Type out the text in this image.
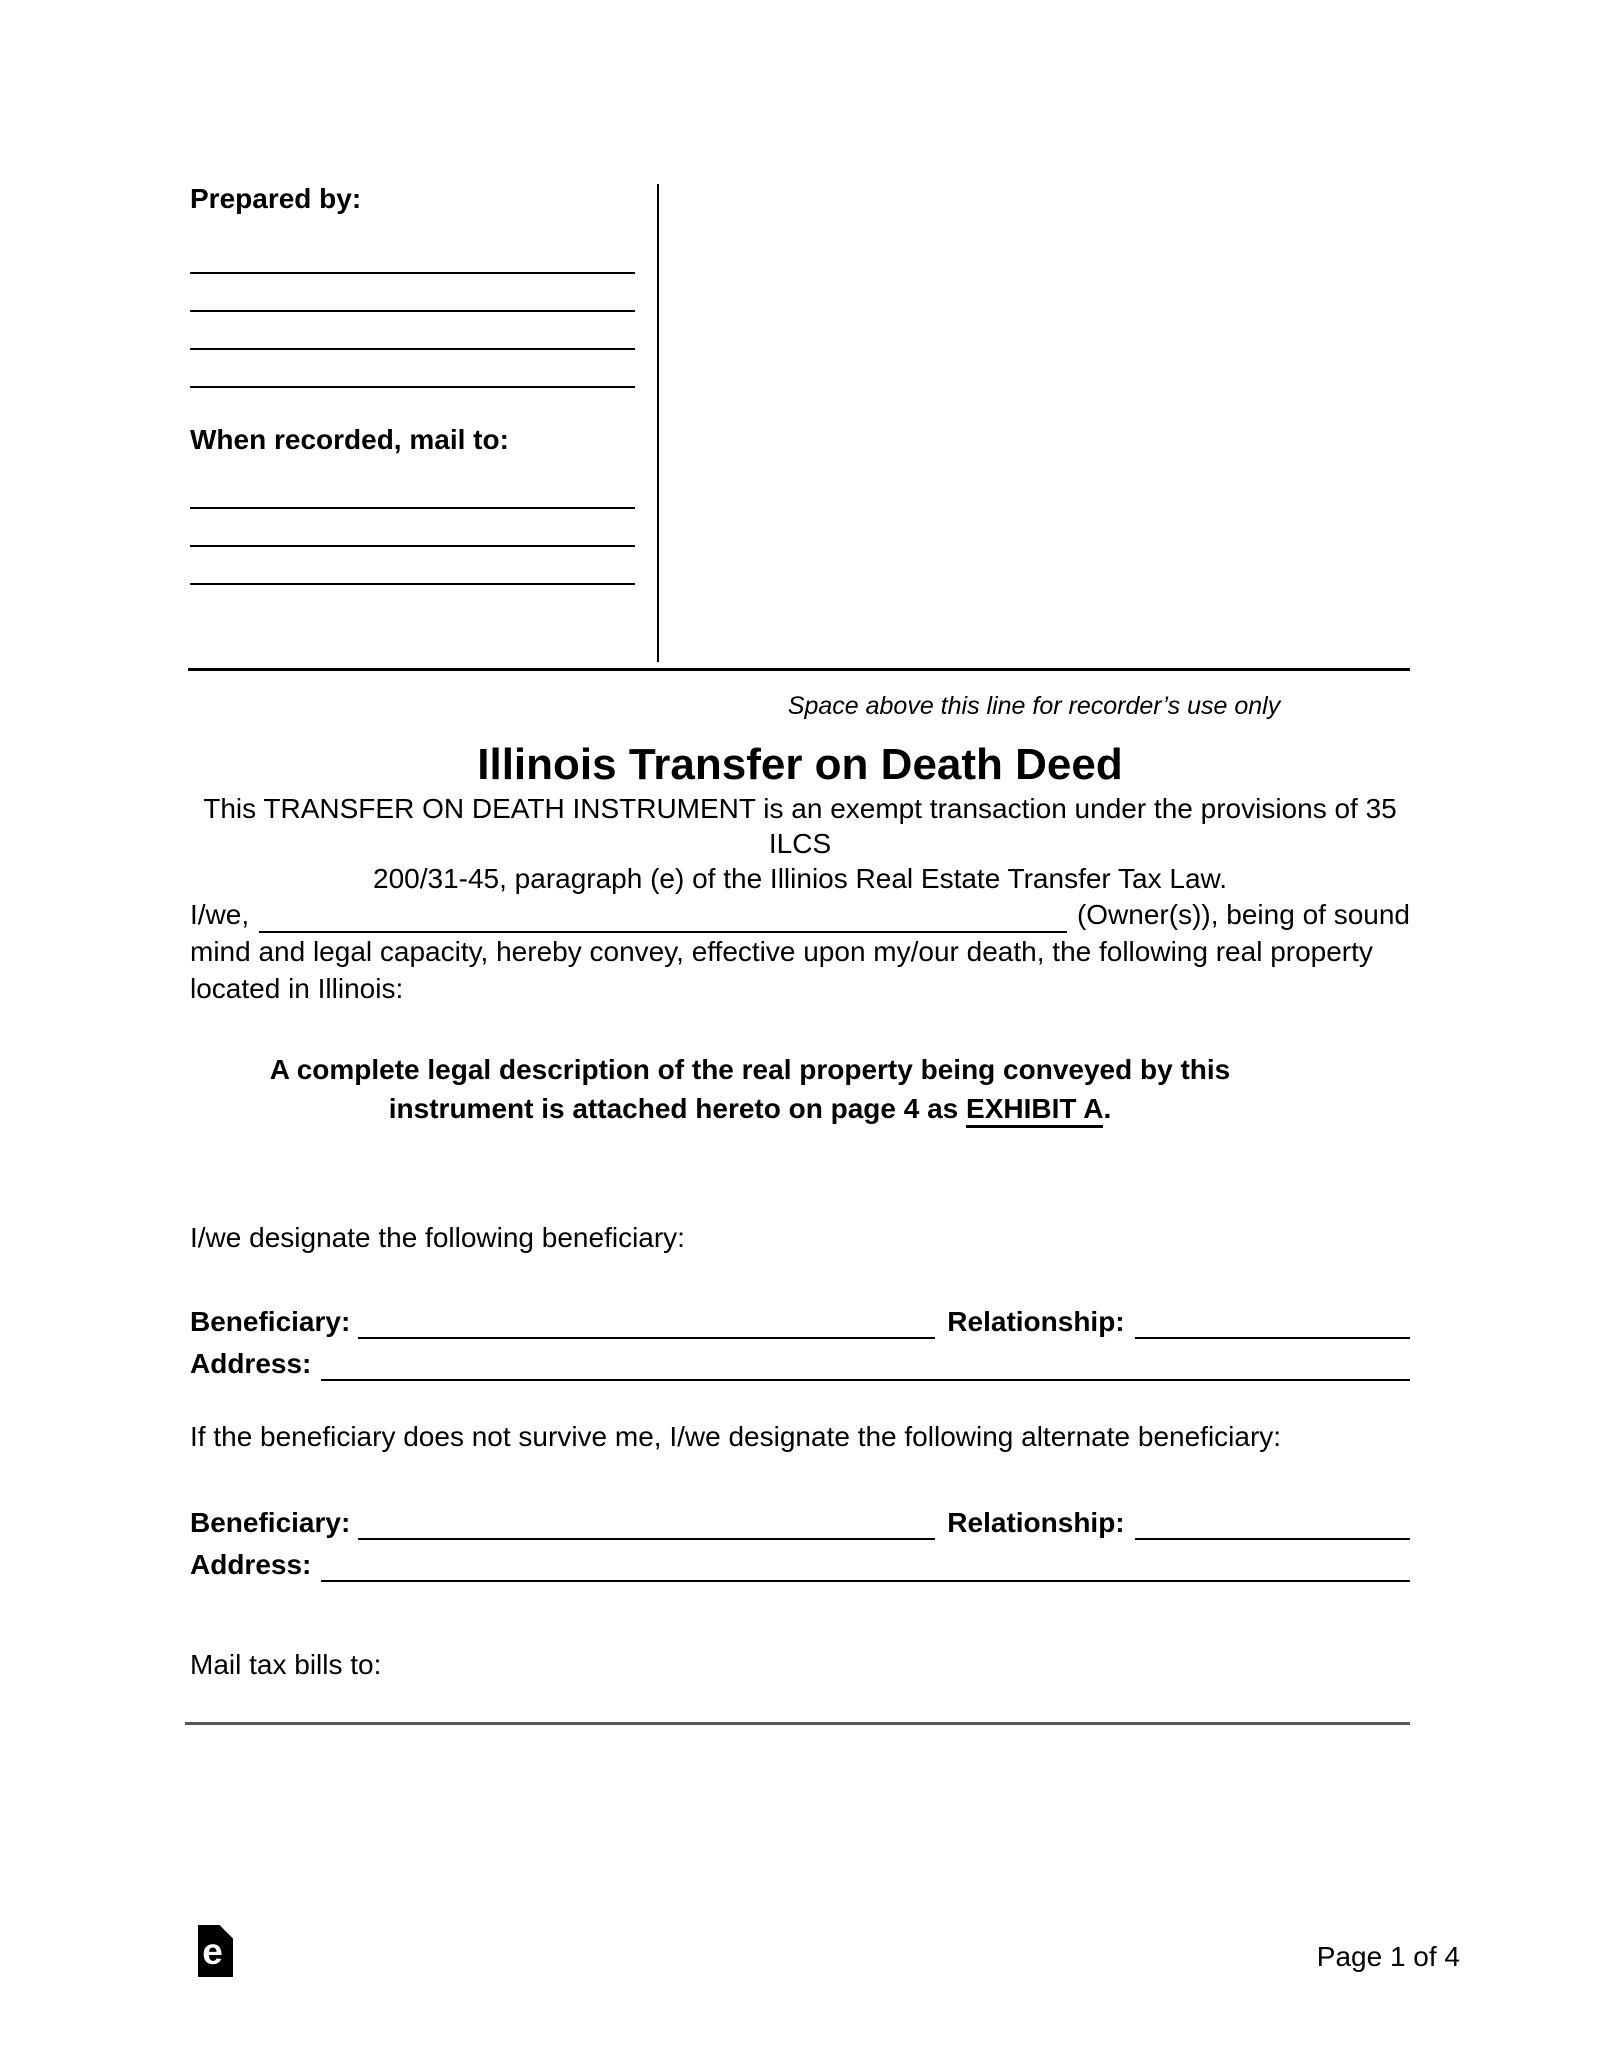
Prepared by:
When recorded, mail to:
Space above this line for recorder’s use only
Illinois Transfer on Death Deed
This TRANSFER ON DEATH INSTRUMENT is an exempt transaction under the provisions of 35 ILCS
200/31-45, paragraph (e) of the Illinios Real Estate Transfer Tax Law.
I/we,	(Owner(s)), being of sound
mind and legal capacity, hereby convey, effective upon my/our death, the following real property
located in Illinois:
A complete legal description of the real property being conveyed by this
instrument is attached hereto on page 4 as EXHIBIT A.
I/we designate the following beneficiary:
Beneficiary:	Relationship:
Address:
If the beneficiary does not survive me, I/we designate the following alternate beneficiary:
Beneficiary:	Relationship:
Address:
Mail tax bills to:
e	Page 1 of 4
